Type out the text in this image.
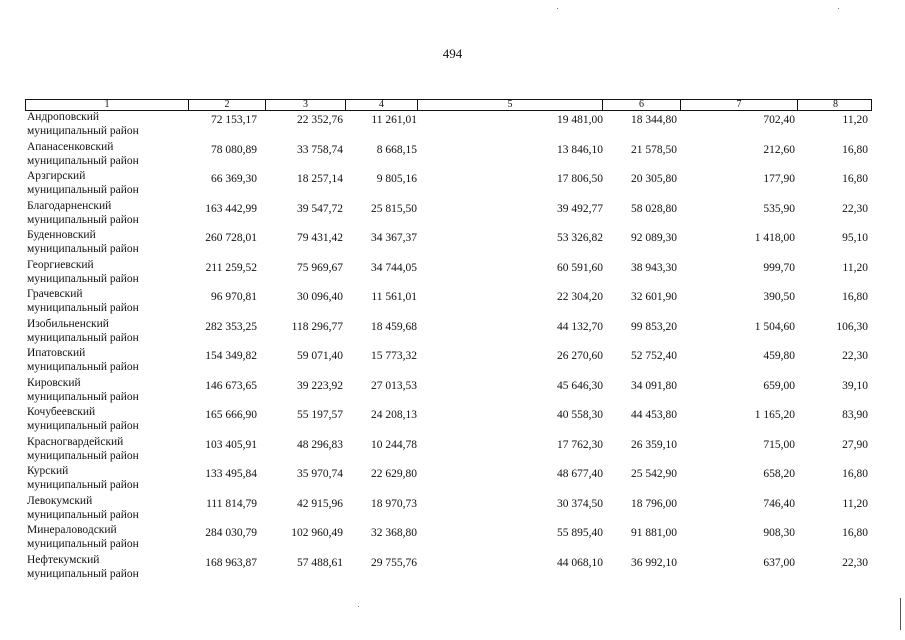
494
1	2	3	4	5	6	7	8
Андроповский
муниципальный район
72 153,17	22 352,76	11 261,01	19 481,00	18 344,80	702,40	11,20
Апанасенковский
муниципальный район
78 080,89	33 758,74	8 668,15	13 846,10	21 578,50	212,60	16,80
Арзгирский
муниципальный район
66 369,30	18 257,14	9 805,16	17 806,50	20 305,80	177,90	16,80
Благодарненский
муниципальный район
163 442,99	39 547,72	25 815,50	39 492,77	58 028,80	535,90	22,30
Буденновский
муниципальный район
260 728,01	79 431,42	34 367,37	53 326,82	92 089,30	1 418,00	95,10
Георгиевский
муниципальный район
211 259,52	75 969,67	34 744,05	60 591,60	38 943,30	999,70	11,20
Грачевский
муниципальный район
96 970,81	30 096,40	11 561,01	22 304,20	32 601,90	390,50	16,80
Изобильненский
муниципальный район
282 353,25	118 296,77	18 459,68	44 132,70	99 853,20	1 504,60	106,30
Ипатовский
муниципальный район
154 349,82	59 071,40	15 773,32	26 270,60	52 752,40	459,80	22,30
Кировский
муниципальный район
146 673,65	39 223,92	27 013,53	45 646,30	34 091,80	659,00	39,10
Кочубеевский
муниципальный район
165 666,90	55 197,57	24 208,13	40 558,30	44 453,80	1 165,20	83,90
Красногвардейский
муниципальный район
103 405,91	48 296,83	10 244,78	17 762,30	26 359,10	715,00	27,90
Курский
муниципальный район
133 495,84	35 970,74	22 629,80	48 677,40	25 542,90	658,20	16,80
Левокумский
муниципальный район
111 814,79	42 915,96	18 970,73	30 374,50	18 796,00	746,40	11,20
Минераловодский
муниципальный район
284 030,79	102 960,49	32 368,80	55 895,40	91 881,00	908,30	16,80
Нефтекумский
муниципальный район
168 963,87	57 488,61	29 755,76	44 068,10	36 992,10	637,00	22,30
